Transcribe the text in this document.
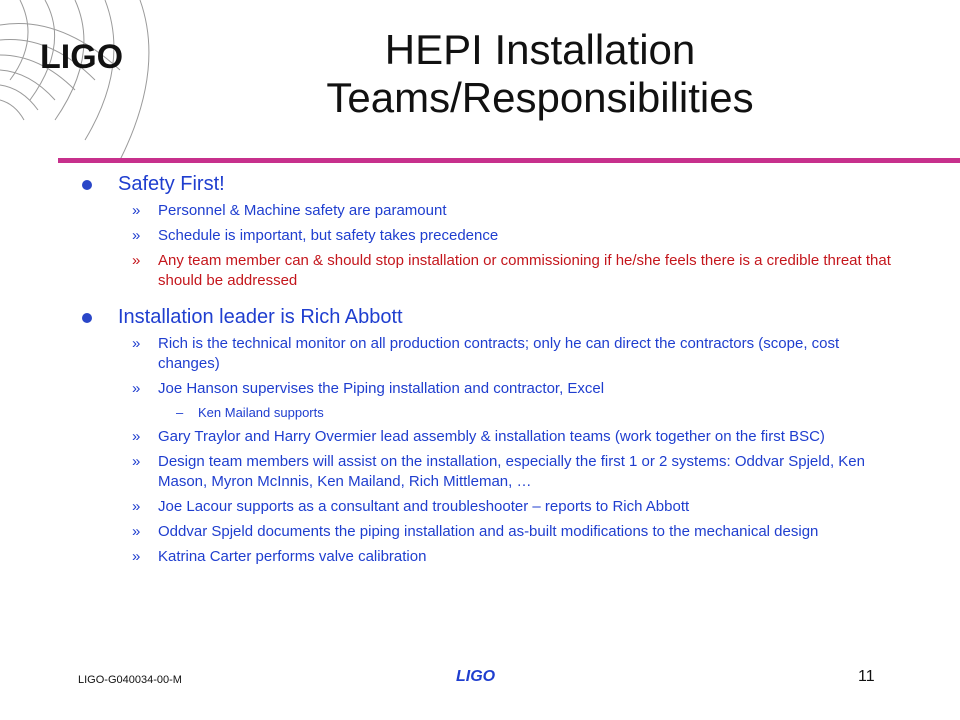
LIGO	HEPI Installation
Teams/Responsibilities
Safety First!
» Personnel & Machine safety are paramount
» Schedule is important, but safety takes precedence
» Any team member can & should stop installation or commissioning if he/she feels there is a credible threat that should be addressed
Installation leader is Rich Abbott
» Rich is the technical monitor on all production contracts; only he can direct the contractors (scope, cost changes)
» Joe Hanson supervises the Piping installation and contractor, Excel
– Ken Mailand supports
» Gary Traylor and Harry Overmier lead assembly & installation teams (work together on the first BSC)
» Design team members will assist on the installation, especially the first 1 or 2 systems: Oddvar Spjeld, Ken Mason, Myron McInnis, Ken Mailand, Rich Mittleman, …
» Joe Lacour supports as a consultant and troubleshooter – reports to Rich Abbott
» Oddvar Spjeld documents the piping installation and as-built modifications to the mechanical design
» Katrina Carter performs valve calibration
LIGO-G040034-00-M	LIGO	11
